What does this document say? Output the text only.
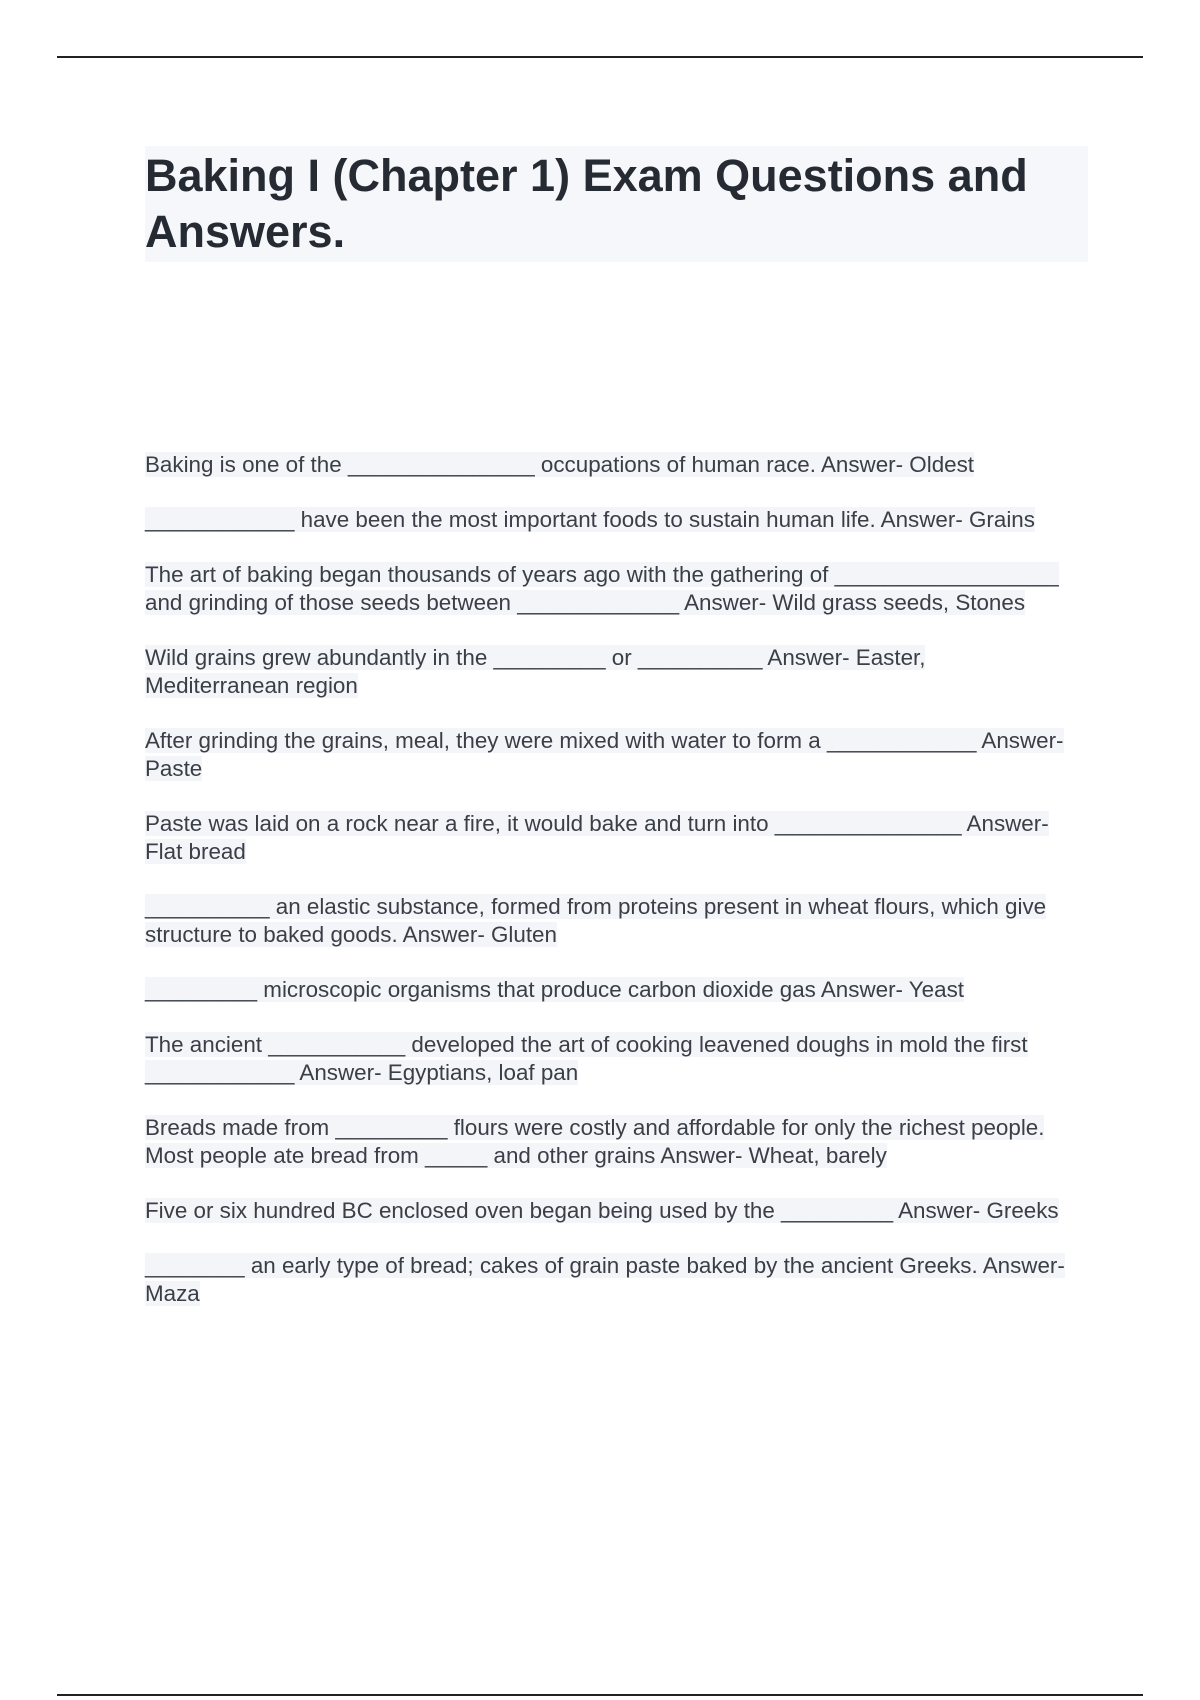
Baking I (Chapter 1) Exam Questions and Answers.

Baking is one of the _______________ occupations of human race. Answer- Oldest

____________ have been the most important foods to sustain human life. Answer- Grains

The art of baking began thousands of years ago with the gathering of __________________ and grinding of those seeds between _____________ Answer- Wild grass seeds, Stones

Wild grains grew abundantly in the _________ or __________ Answer- Easter, Mediterranean region

After grinding the grains, meal, they were mixed with water to form a ____________ Answer- Paste

Paste was laid on a rock near a fire, it would bake and turn into _______________ Answer- Flat bread

__________ an elastic substance, formed from proteins present in wheat flours, which give structure to baked goods. Answer- Gluten

_________ microscopic organisms that produce carbon dioxide gas Answer- Yeast

The ancient ___________ developed the art of cooking leavened doughs in mold the first ____________ Answer- Egyptians, loaf pan

Breads made from _________ flours were costly and affordable for only the richest people. Most people ate bread from _____ and other grains Answer- Wheat, barely

Five or six hundred BC enclosed oven began being used by the _________ Answer- Greeks

________ an early type of bread; cakes of grain paste baked by the ancient Greeks. Answer- Maza
